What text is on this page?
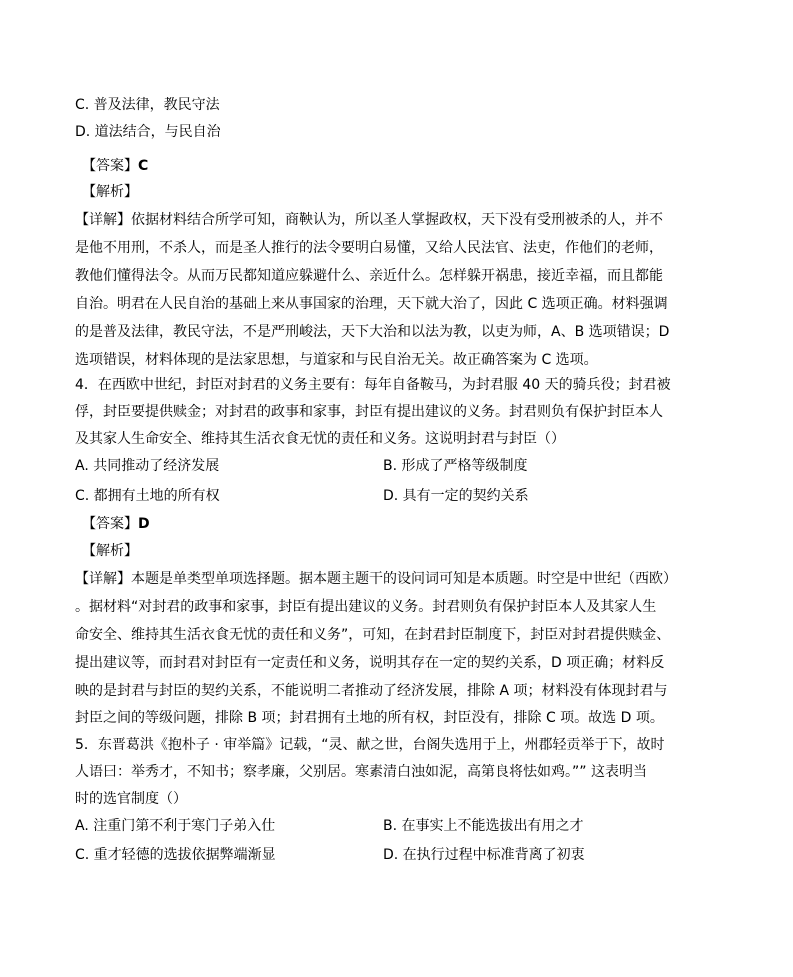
C. 普及法律，教民守法
D. 道法结合，与民自治
【答案】C
【解析】
【详解】依据材料结合所学可知，商鞅认为，所以圣人掌握政权，天下没有受刑被杀的人，并不
是他不用刑，不杀人，而是圣人推行的法令要明白易懂，又给人民法官、法吏，作他们的老师，
教他们懂得法令。从而万民都知道应躲避什么、亲近什么。怎样躲开祸患，接近幸福，而且都能
自治。明君在人民自治的基础上来从事国家的治理，天下就大治了，因此 C 选项正确。材料强调
的是普及法律，教民守法，不是严刑峻法，天下大治和以法为教，以吏为师，A、B 选项错误；D
选项错误，材料体现的是法家思想，与道家和与民自治无关。故正确答案为 C 选项。
4．在西欧中世纪，封臣对封君的义务主要有：每年自备鞍马，为封君服 40 天的骑兵役；封君被
俘，封臣要提供赎金；对封君的政事和家事，封臣有提出建议的义务。封君则负有保护封臣本人
及其家人生命安全、维持其生活衣食无忧的责任和义务。这说明封君与封臣（）
A. 共同推动了经济发展	B. 形成了严格等级制度
C. 都拥有土地的所有权	D. 具有一定的契约关系
【答案】D
【解析】
【详解】本题是单类型单项选择题。据本题主题干的设问词可知是本质题。时空是中世纪（西欧）
。据材料“对封君的政事和家事，封臣有提出建议的义务。封君则负有保护封臣本人及其家人生
命安全、维持其生活衣食无忧的责任和义务”，可知，在封君封臣制度下，封臣对封君提供赎金、
提出建议等，而封君对封臣有一定责任和义务，说明其存在一定的契约关系，D 项正确；材料反
映的是封君与封臣的契约关系，不能说明二者推动了经济发展，排除 A 项；材料没有体现封君与
封臣之间的等级问题，排除 B 项；封君拥有土地的所有权，封臣没有，排除 C 项。故选 D 项。
5．东晋葛洪《抱朴子 · 审举篇》记载，“灵、献之世，台阁失选用于上，州郡轻贡举于下，故时
人语曰：举秀才，不知书；察孝廉，父别居。寒素清白浊如泥，高第良将怯如鸡。”” 这表明当
时的选官制度（）
A. 注重门第不利于寒门子弟入仕	B. 在事实上不能选拔出有用之才
C. 重才轻德的选拔依据弊端渐显	D. 在执行过程中标准背离了初衷
